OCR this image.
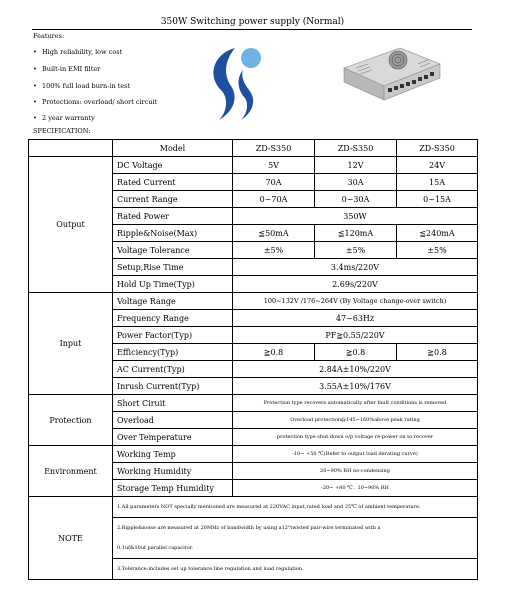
350W Switching power supply (Normal)
Features:
• High reliability, low cost
• Built-in EMI filter
• 100% full load burn-in test
• Protections: overload/ short circuit
• 2 year warranty
SPECIFICATION:
	Model	ZD-S350	ZD-S350	ZD-S350
Output	DC Voltage	5V	12V	24V
	Rated Current	70A	30A	15A
	Current Range	0~70A	0~30A	0~15A
	Rated Power	350W		
	Ripple&Noise(Max)	≦50mA	≦120mA	≦240mA
	Voltage Tolerance	±5%	±5%	±5%
	Setup,Rise Time	3.4ms/220V		
	Hold Up Time(Typ)	2.69s/220V		
Input	Voltage Range	100~132V /176~264V (By Voltage change-over switch)		
	Frequency Range	47~63Hz		
	Power Factor(Typ)	PF≧0.55/220V		
	Efficiency(Typ)	≧0.8	≧0.8	≧0.8
	AC Current(Typ)	2.84A±10%/220V		
	Inrush Current(Typ)	3.55A±10%/176V		
Protection	Short Ciruit	Protection type recovers automatically after fault conditions is removed		
	Overload	Overload protection@145~160%above peak rating		
	Over Temperature	protection type shut down o/p voltage re-power on to recover		
Environment	Working Temp	-10~ +50 ℃(Refer to output load derating curve)		
	Working Humidity	20~90% RH no-condensing		
	Storage Temp Humidity	-20~ +80 ℃ , 10~90% RH		
NOTE	1.All parameters NOT specially mentioned are measured at 220VAC input,rated load and 25℃ of ambient temperature.			
	2.Ripple&noise are measured at 20MHz of bandwidth by using a12"twisted pair-wire terminated with a			
	0.1uf&10uf parallel capacitor.			
	3.Tolerance:includes set up tolerance,line regulation and load regulation.			
